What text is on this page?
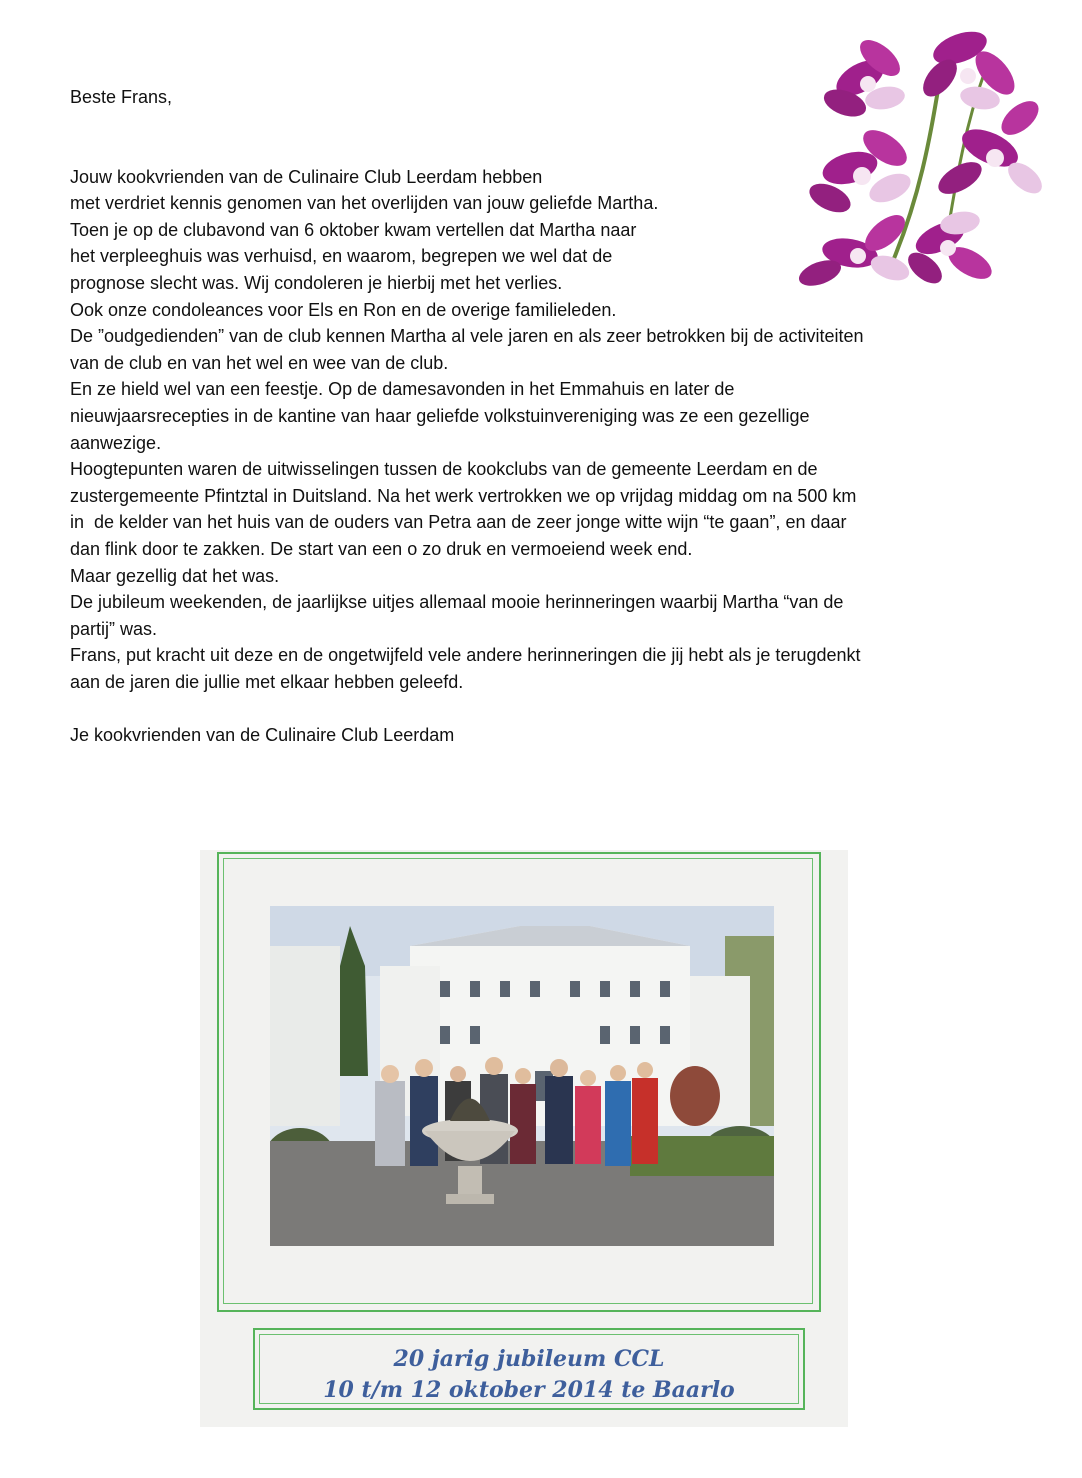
Beste Frans,

Jouw kookvrienden van de Culinaire Club Leerdam hebben

met verdriet kennis genomen van het overlijden van jouw geliefde Martha.

Toen je op de clubavond van 6 oktober kwam vertellen dat Martha naar

het verpleeghuis was verhuisd, en waarom, begrepen we wel dat de

prognose slecht was. Wij condoleren je hierbij met het verlies.

Ook onze condoleances voor Els en Ron en de overige familieleden.

De ”oudgedienden” van de club kennen Martha al vele jaren en als zeer betrokken bij de activiteiten

van de club en van het wel en wee van de club.

En ze hield wel van een feestje. Op de damesavonden in het Emmahuis en later de

nieuwjaarsrecepties in de kantine van haar geliefde volkstuinvereniging was ze een gezellige

aanwezige.

Hoogtepunten waren de uitwisselingen tussen de kookclubs van de gemeente Leerdam en de

zustergemeente Pfintztal in Duitsland. Na het werk vertrokken we op vrijdag middag om na 500 km

in  de kelder van het huis van de ouders van Petra aan de zeer jonge witte wijn “te gaan”, en daar

dan flink door te zakken. De start van een o zo druk en vermoeiend week end.

Maar gezellig dat het was.

De jubileum weekenden, de jaarlijkse uitjes allemaal mooie herinneringen waarbij Martha “van de

partij” was.

Frans, put kracht uit deze en de ongetwijfeld vele andere herinneringen die jij hebt als je terugdenkt

aan de jaren die jullie met elkaar hebben geleefd.

Je kookvrienden van de Culinaire Club Leerdam

20 jarig jubileum CCL
10 t/m 12 oktober 2014 te Baarlo
